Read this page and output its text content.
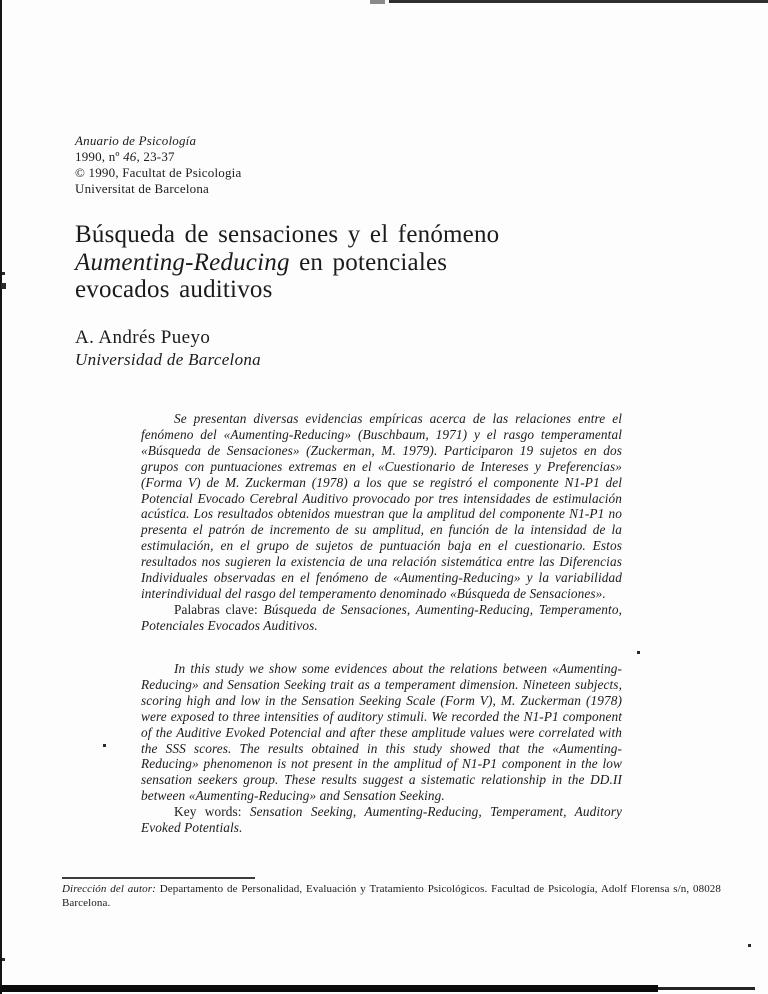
Anuario de Psicología
1990, nº 46, 23-37
© 1990, Facultat de Psicologia
Universitat de Barcelona
Búsqueda de sensaciones y el fenómeno
Aumenting-Reducing en potenciales
evocados auditivos
A. Andrés Pueyo
Universidad de Barcelona

Se presentan diversas evidencias empíricas acerca de las relaciones entre el fenómeno del «Aumenting-Reducing» (Buschbaum, 1971) y el rasgo temperamental «Búsqueda de Sensaciones» (Zuckerman, M. 1979). Participaron 19 sujetos en dos grupos con puntuaciones extremas en el «Cuestionario de Intereses y Preferencias» (Forma V) de M. Zuckerman (1978) a los que se registró el componente N1-P1 del Potencial Evocado Cerebral Auditivo provocado por tres intensidades de estimulación acústica. Los resultados obtenidos muestran que la amplitud del componente N1-P1 no presenta el patrón de incremento de su amplitud, en función de la intensidad de la estimulación, en el grupo de sujetos de puntuación baja en el cuestionario. Estos resultados nos sugieren la existencia de una relación sistemática entre las Diferencias Individuales observadas en el fenómeno de «Aumenting-Reducing» y la variabilidad interindividual del rasgo del temperamento denominado «Búsqueda de Sensaciones».

Palabras clave: Búsqueda de Sensaciones, Aumenting-Reducing, Temperamento, Potenciales Evocados Auditivos.

In this study we show some evidences about the relations between «Aumenting-Reducing» and Sensation Seeking trait as a temperament dimension. Nineteen subjects, scoring high and low in the Sensation Seeking Scale (Form V), M. Zuckerman (1978) were exposed to three intensities of auditory stimuli. We recorded the N1-P1 component of the Auditive Evoked Potencial and after these amplitude values were correlated with the SSS scores. The results obtained in this study showed that the «Aumenting-Reducing» phenomenon is not present in the amplitud of N1-P1 component in the low sensation seekers group. These results suggest a sistematic relationship in the DD.II between «Aumenting-Reducing» and Sensation Seeking.

Key words: Sensation Seeking, Aumenting-Reducing, Temperament, Auditory Evoked Potentials.

Dirección del autor: Departamento de Personalidad, Evaluación y Tratamiento Psicológicos. Facultad de Psicología, Adolf Florensa s/n, 08028 Barcelona.
